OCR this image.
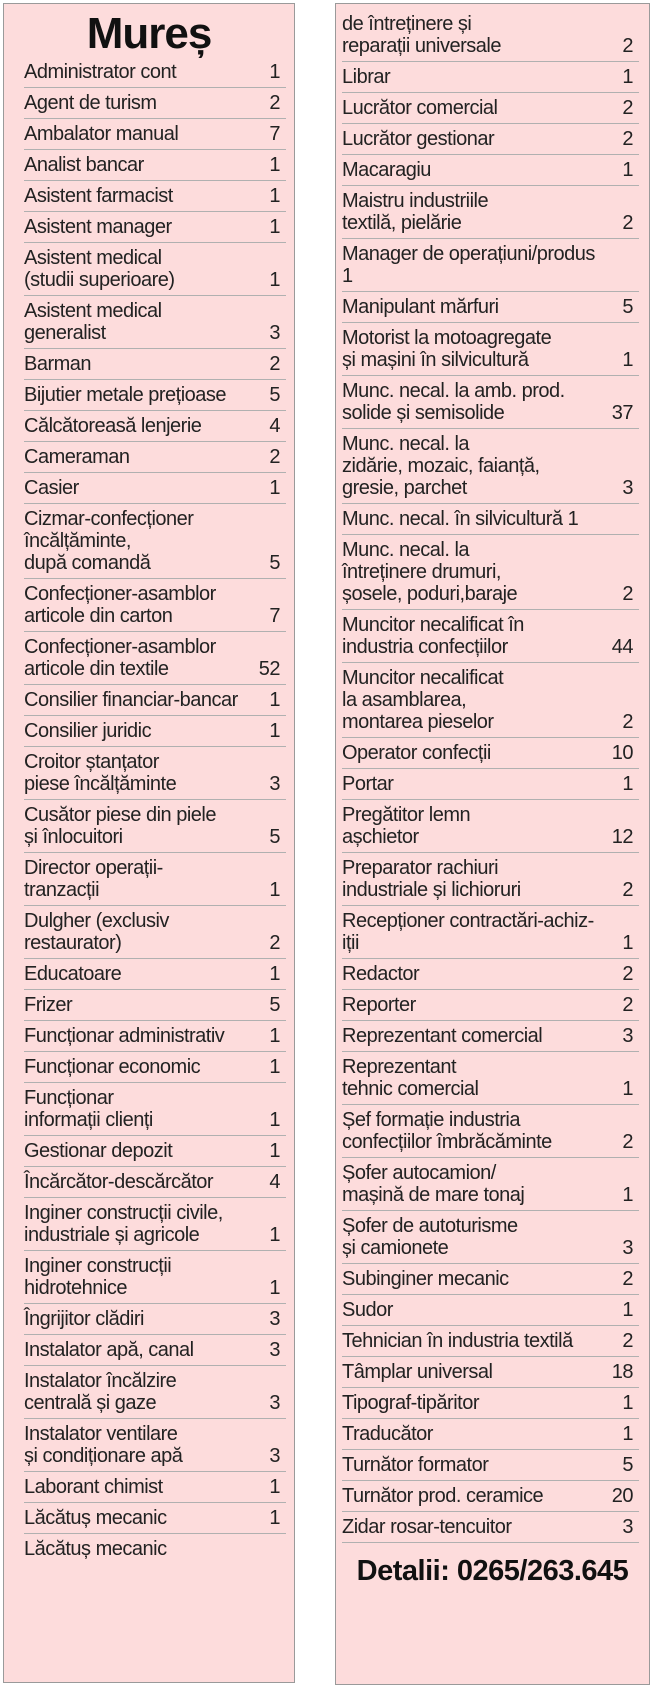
Mureș
Administrator cont	1
Agent de turism	2
Ambalator manual	7
Analist bancar	1
Asistent farmacist	1
Asistent manager	1
Asistent medical
(studii superioare)	1
Asistent medical
generalist	3
Barman	2
Bijutier metale prețioase	5
Călcătoreasă lenjerie	4
Cameraman	2
Casier	1
Cizmar-confecționer
încălțăminte,
după comandă	5
Confecționer-asamblor
articole din carton	7
Confecționer-asamblor
articole din textile	52
Consilier financiar-bancar	1
Consilier juridic	1
Croitor ștanțator
piese încălțăminte	3
Cusător piese din piele
și înlocuitori	5
Director operații-
tranzacții	1
Dulgher (exclusiv
restaurator)	2
Educatoare	1
Frizer	5
Funcționar administrativ	1
Funcționar economic	1
Funcționar
informații clienți	1
Gestionar depozit	1
Încărcător-descărcător	4
Inginer construcții civile,
industriale și agricole	1
Inginer construcții
hidrotehnice	1
Îngrijitor clădiri	3
Instalator apă, canal	3
Instalator încălzire
centrală și gaze	3
Instalator ventilare
și condiționare apă	3
Laborant chimist	1
Lăcătuș mecanic	1
Lăcătuș mecanic
de întreținere și
reparații universale	2
Librar	1
Lucrător comercial	2
Lucrător gestionar	2
Macaragiu	1
Maistru industriile
textilă, pielărie	2
Manager de operațiuni/produs
1
Manipulant mărfuri	5
Motorist la motoagregate
și mașini în silvicultură	1
Munc. necal. la amb. prod.
solide și semisolide	37
Munc. necal. la
zidărie, mozaic, faianță,
gresie, parchet	3
Munc. necal. în silvicultură 1
Munc. necal. la
întreținere drumuri,
șosele, poduri,baraje	2
Muncitor necalificat în
industria confecțiilor	44
Muncitor necalificat
la asamblarea,
montarea pieselor	2
Operator confecții	10
Portar	1
Pregătitor lemn
așchietor	12
Preparator rachiuri
industriale și lichioruri	2
Recepționer contractări-achiz-
iții	1
Redactor	2
Reporter	2
Reprezentant comercial	3
Reprezentant
tehnic comercial	1
Șef formație industria
confecțiilor îmbrăcăminte	2
Șofer autocamion/
mașină de mare tonaj	1
Șofer de autoturisme
și camionete	3
Subinginer mecanic	2
Sudor	1
Tehnician în industria textilă	2
Tâmplar universal	18
Tipograf-tipăritor	1
Traducător	1
Turnător formator	5
Turnător prod. ceramice	20
Zidar rosar-tencuitor	3
Detalii: 0265/263.645
